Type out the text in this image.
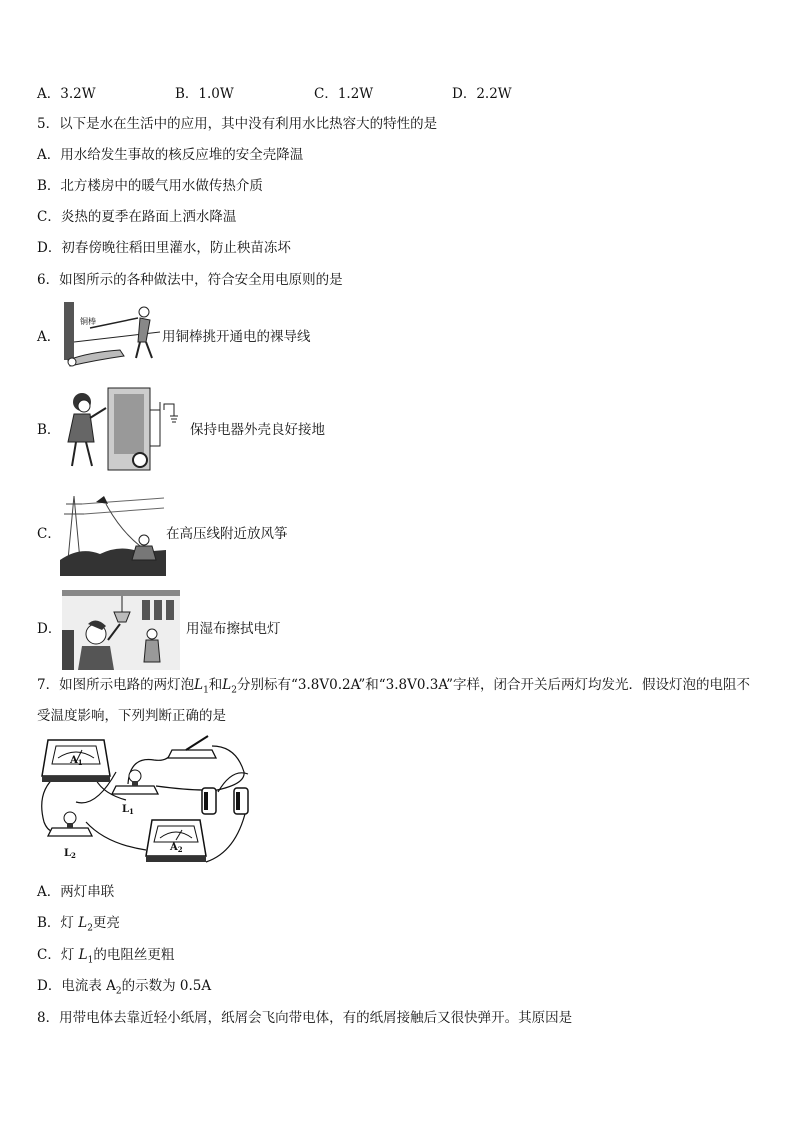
A．3.2W	B．1.0W	C．1.2W	D．2.2W
5．以下是水在生活中的应用，其中没有利用水比热容大的特性的是
A．用水给发生事故的核反应堆的安全壳降温
B．北方楼房中的暖气用水做传热介质
C．炎热的夏季在路面上洒水降温
D．初春傍晚往稻田里灌水，防止秧苗冻坏
6．如图所示的各种做法中，符合安全用电原则的是
A．
铜棒
用铜棒挑开通电的裸导线
B．	保持电器外壳良好接地
C．	在高压线附近放风筝
D．	用湿布擦拭电灯
7．如图所示电路的两灯泡$L_1$和$L_2$分别标有“3.8V0.2A”和“3.8V0.3A”字样，闭合开关后两灯均发光．假设灯泡的电阻不
受温度影响，下列判断正确的是
$A_1$
$L_1$
$L_2$
$A_2$
A．两灯串联
B．灯 $L_2$更亮
C．灯 $L_1$的电阻丝更粗
D．电流表 $A_2$的示数为 0.5A
8．用带电体去靠近轻小纸屑，纸屑会飞向带电体，有的纸屑接触后又很快弹开。其原因是
